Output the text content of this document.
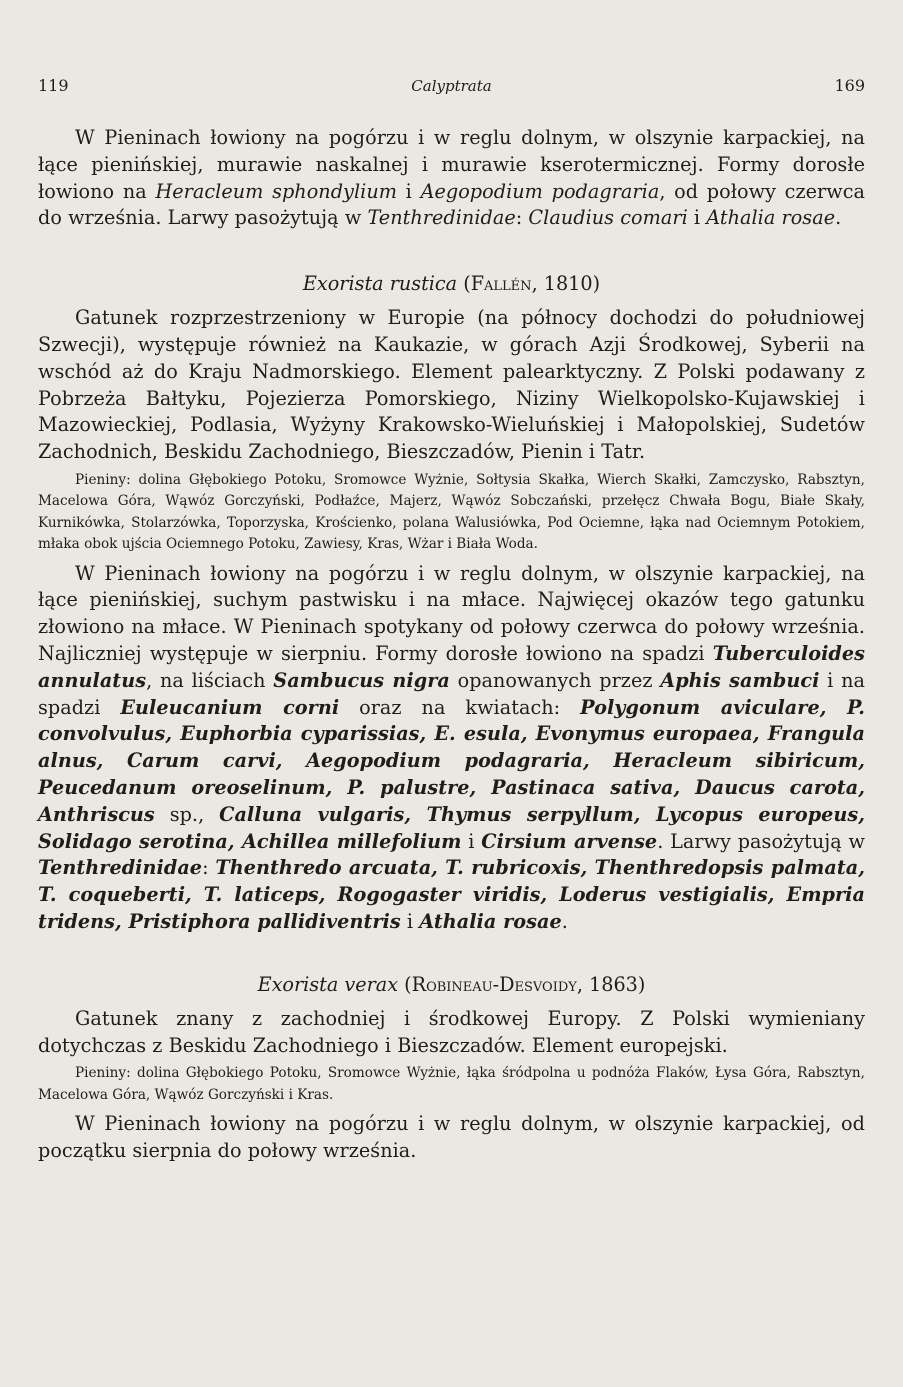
119	Calyptrata	169

W Pieninach łowiony na pogórzu i w reglu dolnym, w olszynie karpackiej, na łące pienińskiej, murawie naskalnej i murawie kserotermicznej. Formy dorosłe łowiono na Heracleum sphondylium i Aegopodium podagraria, od połowy czerwca do września. Larwy pasożytują w Tenthredinidae: Claudius comari i Athalia rosae.

Exorista rustica (Fallén, 1810)

Gatunek rozprzestrzeniony w Europie (na północy dochodzi do południowej Szwecji), występuje również na Kaukazie, w górach Azji Środkowej, Syberii na wschód aż do Kraju Nadmorskiego. Element palearktyczny. Z Polski podawany z Pobrzeża Bałtyku, Pojezierza Pomorskiego, Niziny Wielkopolsko-Kujawskiej i Mazowieckiej, Podlasia, Wyżyny Krakowsko-Wieluńskiej i Małopolskiej, Sudetów Zachodnich, Beskidu Zachodniego, Bieszczadów, Pienin i Tatr.

Pieniny: dolina Głębokiego Potoku, Sromowce Wyżnie, Sołtysia Skałka, Wierch Skałki, Zamczysko, Rabsztyn, Macelowa Góra, Wąwóz Gorczyński, Podłaźce, Majerz, Wąwóz Sobczański, przełęcz Chwała Bogu, Białe Skały, Kurnikówka, Stolarzówka, Toporzyska, Krościenko, polana Walusiówka, Pod Ociemne, łąka nad Ociemnym Potokiem, młaka obok ujścia Ociemnego Potoku, Zawiesy, Kras, Wżar i Biała Woda.

W Pieninach łowiony na pogórzu i w reglu dolnym, w olszynie karpackiej, na łące pienińskiej, suchym pastwisku i na młace. Najwięcej okazów tego gatunku złowiono na młace. W Pieninach spotykany od połowy czerwca do połowy września. Najliczniej występuje w sierpniu. Formy dorosłe łowiono na spadzi Tuberculoides annulatus, na liściach Sambucus nigra opanowanych przez Aphis sambuci i na spadzi Euleucanium corni oraz na kwiatach: Polygonum aviculare, P. convolvulus, Euphorbia cyparissias, E. esula, Evonymus europaea, Frangula alnus, Carum carvi, Aegopodium podagraria, Heracleum sibiricum, Peucedanum oreoselinum, P. palustre, Pastinaca sativa, Daucus carota, Anthriscus sp., Calluna vulgaris, Thymus serpyllum, Lycopus europeus, Solidago serotina, Achillea millefolium i Cirsium arvense. Larwy pasożytują w Tenthredinidae: Thenthredo arcuata, T. rubricoxis, Thenthredopsis palmata, T. coqueberti, T. laticeps, Rogogaster viridis, Loderus vestigialis, Empria tridens, Pristiphora pallidiventris i Athalia rosae.

Exorista verax (Robineau-Desvoidy, 1863)

Gatunek znany z zachodniej i środkowej Europy. Z Polski wymieniany dotychczas z Beskidu Zachodniego i Bieszczadów. Element europejski.

Pieniny: dolina Głębokiego Potoku, Sromowce Wyżnie, łąka śródpolna u podnóża Flaków, Łysa Góra, Rabsztyn, Macelowa Góra, Wąwóz Gorczyński i Kras.

W Pieninach łowiony na pogórzu i w reglu dolnym, w olszynie karpackiej, od początku sierpnia do połowy września.
